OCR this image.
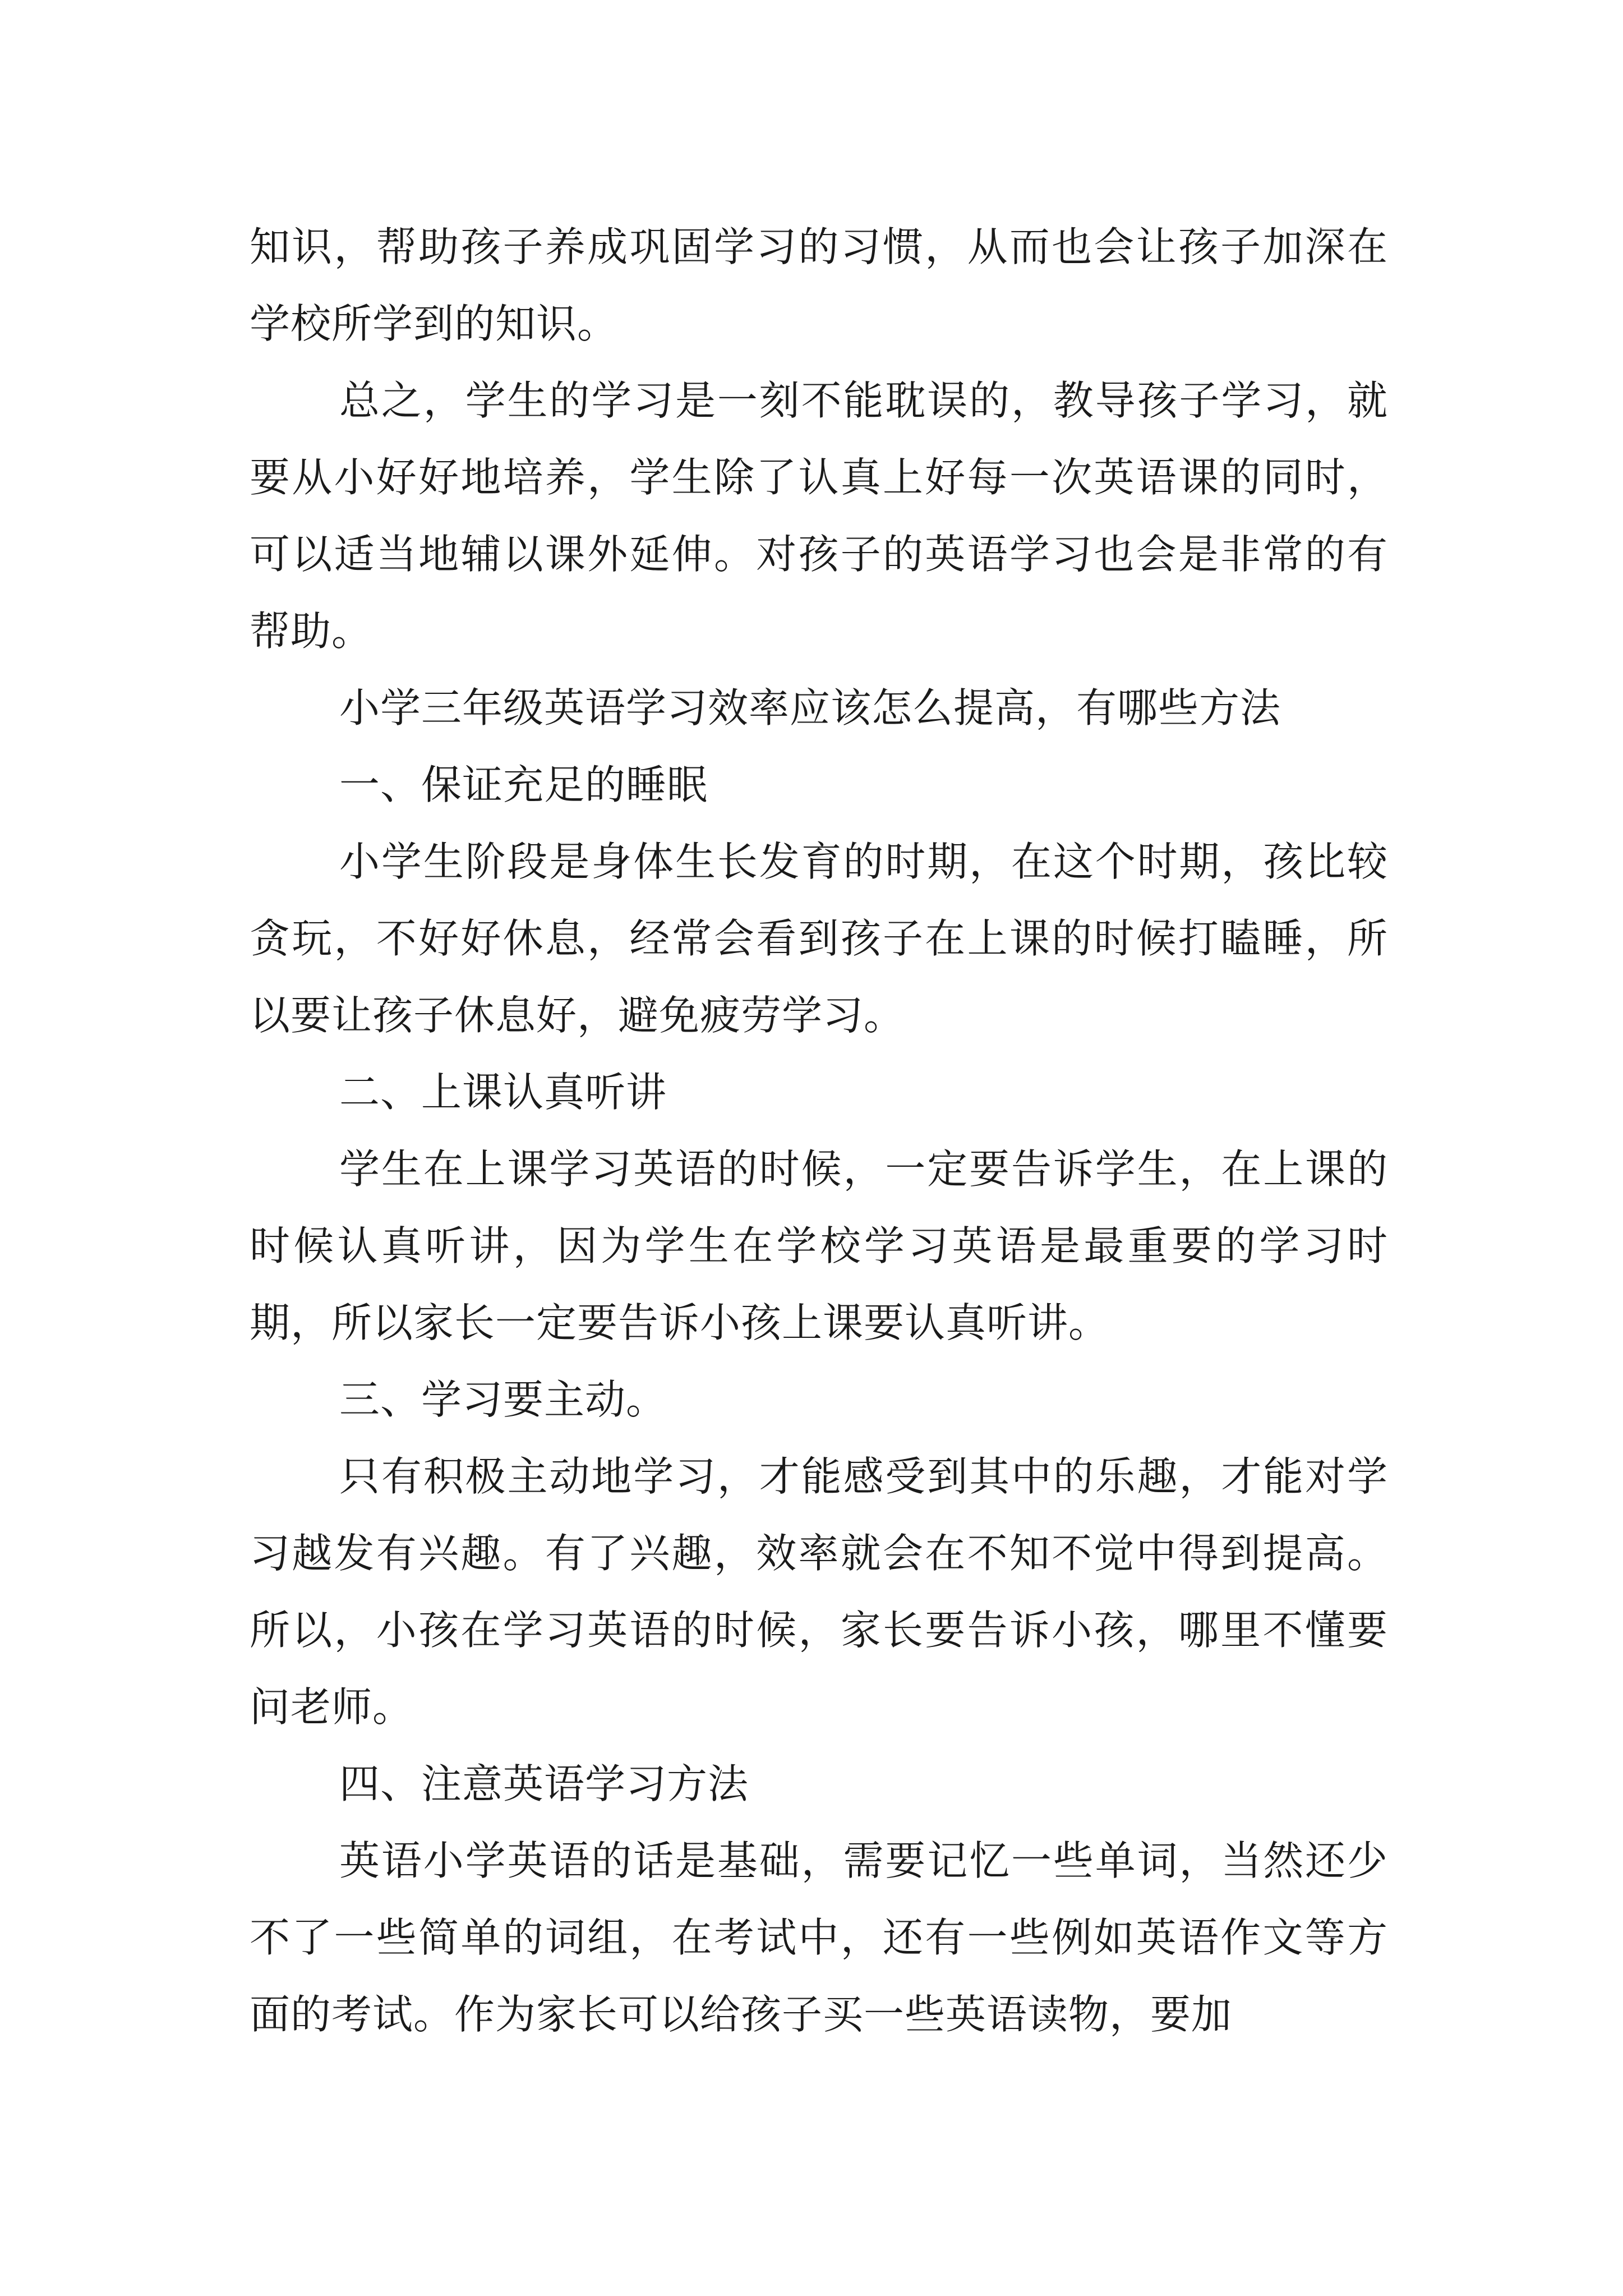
知识，帮助孩子养成巩固学习的习惯，从而也会让孩子加深在学校所学到的知识。

总之，学生的学习是一刻不能耽误的，教导孩子学习，就要从小好好地培养，学生除了认真上好每一次英语课的同时，可以适当地辅以课外延伸。对孩子的英语学习也会是非常的有帮助。

小学三年级英语学习效率应该怎么提高，有哪些方法

一、保证充足的睡眠

小学生阶段是身体生长发育的时期，在这个时期，孩比较贪玩，不好好休息，经常会看到孩子在上课的时候打瞌睡，所以要让孩子休息好，避免疲劳学习。

二、上课认真听讲

学生在上课学习英语的时候，一定要告诉学生，在上课的时候认真听讲，因为学生在学校学习英语是最重要的学习时期，所以家长一定要告诉小孩上课要认真听讲。

三、学习要主动。

只有积极主动地学习，才能感受到其中的乐趣，才能对学习越发有兴趣。有了兴趣，效率就会在不知不觉中得到提高。所以，小孩在学习英语的时候，家长要告诉小孩，哪里不懂要问老师。

四、注意英语学习方法

英语小学英语的话是基础，需要记忆一些单词，当然还少不了一些简单的词组，在考试中，还有一些例如英语作文等方面的考试。作为家长可以给孩子买一些英语读物，要加
